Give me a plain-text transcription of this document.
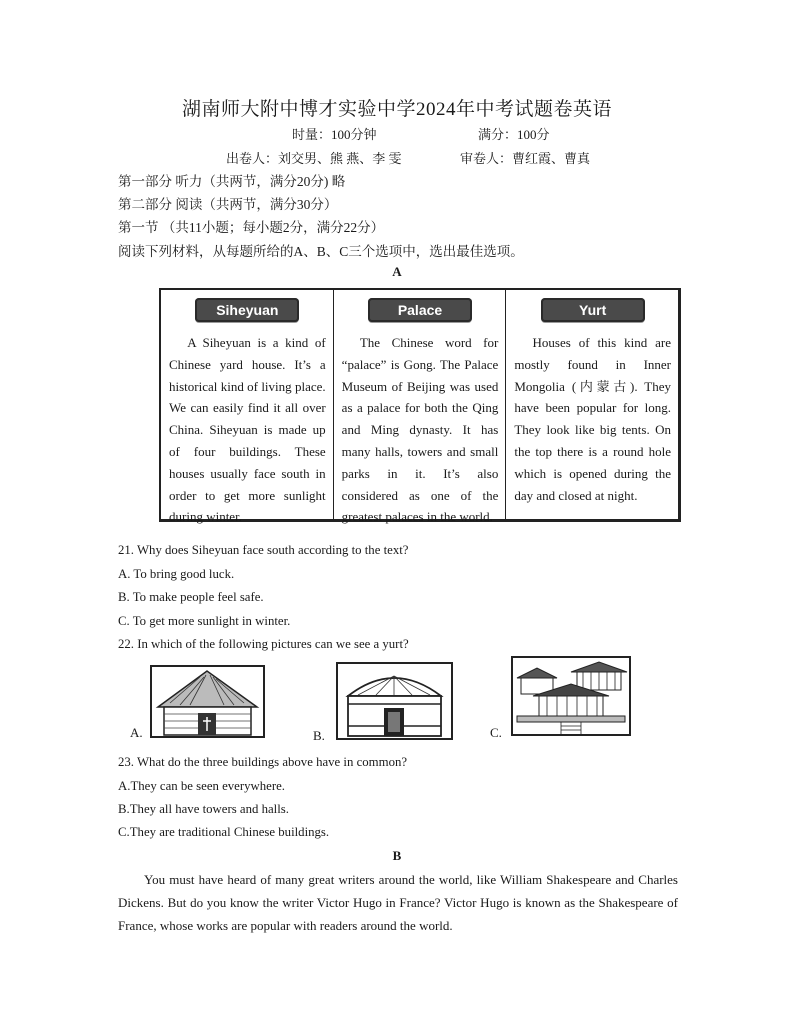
湖南师大附中博才实验中学2024年中考试题卷英语
时量：100分钟	满分：100分
出卷人：刘交男、熊 燕、李 雯	审卷人：曹红霞、曹真
第一部分 听力（共两节，满分20分) 略
第二部分 阅读（共两节，满分30分）
第一节 （共11小题；每小题2分，满分22分）
阅读下列材料，从每题所给的A、B、C三个选项中，选出最佳选项。
A
Siheyuan

A Siheyuan is a kind of Chinese yard house. It’s a historical kind of living place. We can easily find it all over China. Siheyuan is made up of four buildings. These houses usually face south in order to get more sunlight during winter.

Palace

The Chinese word for “palace” is Gong. The Palace Museum of Beijing was used as a palace for both the Qing and Ming dynasty. It has many halls, towers and small parks in it. It’s also considered as one of the greatest palaces in the world.

Yurt

Houses of this kind are mostly found in Inner Mongolia (内蒙古). They have been popular for long. They look like big tents. On the top there is a round hole which is opened during the day and closed at night.

21. Why does Siheyuan face south according to the text?
A. To bring good luck.
B. To make people feel safe.
C. To get more sunlight in winter.
22. In which of the following pictures can we see a yurt?
A.	B.	C.
23. What do the three buildings above have in common?
A.They can be seen everywhere.
B.They all have towers and halls.
C.They are traditional Chinese buildings.
B

You must have heard of many great writers around the world, like William Shakespeare and Charles Dickens. But do you know the writer Victor Hugo in France? Victor Hugo is known as the Shakespeare of France, whose works are popular with readers around the world.
